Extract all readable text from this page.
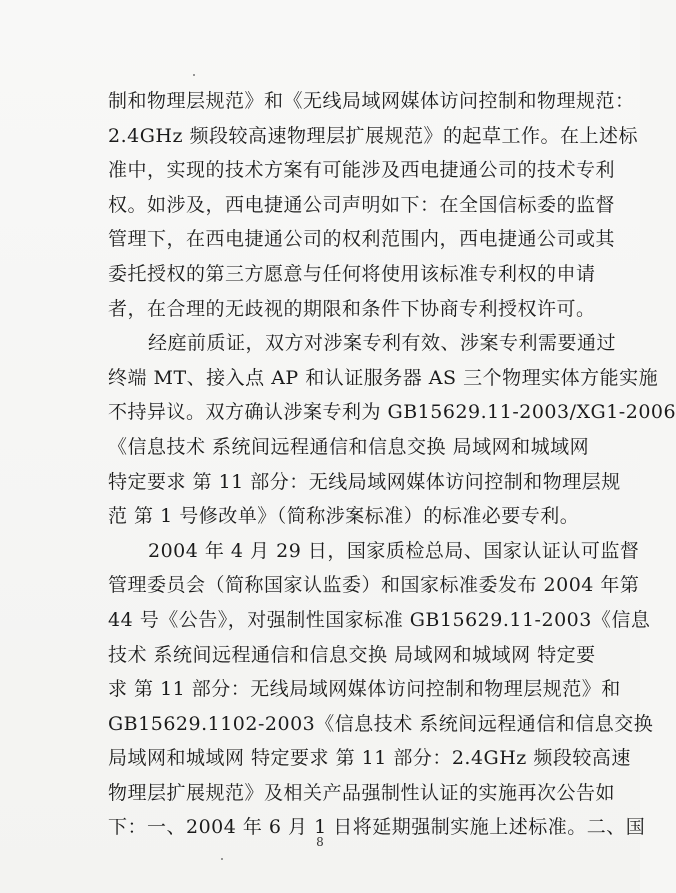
制和物理层规范》和《无线局域网媒体访问控制和物理规范：
2.4GHz 频段较高速物理层扩展规范》的起草工作。在上述标
准中，实现的技术方案有可能涉及西电捷通公司的技术专利
权。如涉及，西电捷通公司声明如下：在全国信标委的监督
管理下，在西电捷通公司的权利范围内，西电捷通公司或其
委托授权的第三方愿意与任何将使用该标准专利权的申请
者，在合理的无歧视的期限和条件下协商专利授权许可。
经庭前质证，双方对涉案专利有效、涉案专利需要通过
终端 MT、接入点 AP 和认证服务器 AS 三个物理实体方能实施
不持异议。双方确认涉案专利为 GB15629.11-2003/XG1-2006
《信息技术 系统间远程通信和信息交换 局域网和城域网
特定要求 第 11 部分：无线局域网媒体访问控制和物理层规
范 第 1 号修改单》（简称涉案标准）的标准必要专利。
2004 年 4 月 29 日，国家质检总局、国家认证认可监督
管理委员会（简称国家认监委）和国家标准委发布 2004 年第
44 号《公告》，对强制性国家标准 GB15629.11-2003《信息
技术 系统间远程通信和信息交换 局域网和城域网 特定要
求 第 11 部分：无线局域网媒体访问控制和物理层规范》和
GB15629.1102-2003《信息技术 系统间远程通信和信息交换
局域网和城域网 特定要求 第 11 部分：2.4GHz 频段较高速
物理层扩展规范》及相关产品强制性认证的实施再次公告如
下：一、2004 年 6 月 1 日将延期强制实施上述标准。二、国
8
